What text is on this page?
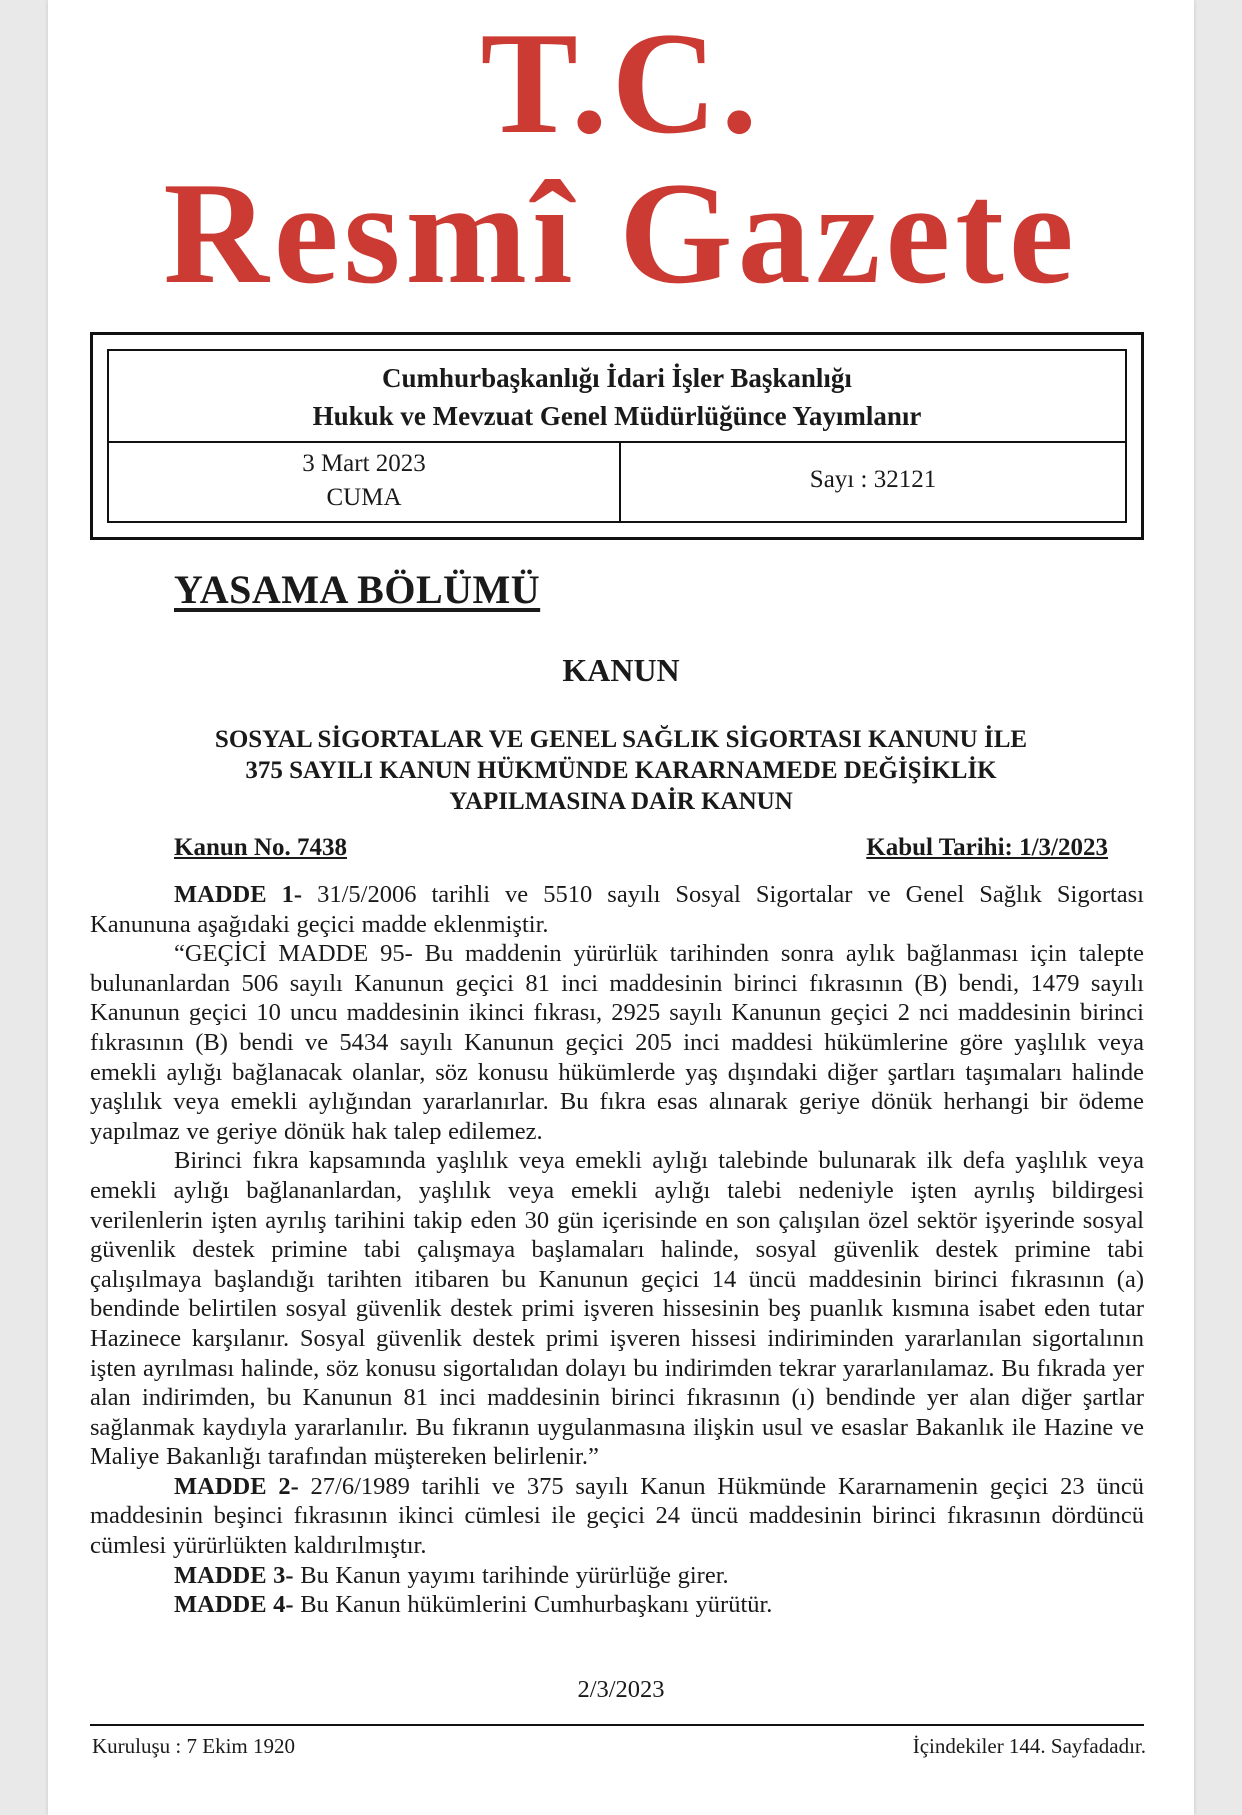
T.C.
Resmî Gazete
Cumhurbaşkanlığı İdari İşler Başkanlığı
Hukuk ve Mevzuat Genel Müdürlüğünce Yayımlanır
3 Mart 2023
CUMA
Sayı : 32121
YASAMA BÖLÜMÜ
KANUN
SOSYAL SİGORTALAR VE GENEL SAĞLIK SİGORTASI KANUNU İLE
375 SAYILI KANUN HÜKMÜNDE KARARNAMEDE DEĞİŞİKLİK
YAPILMASINA DAİR KANUN
Kanun No. 7438	Kabul Tarihi: 1/3/2023

MADDE 1- 31/5/2006 tarihli ve 5510 sayılı Sosyal Sigortalar ve Genel Sağlık Sigortası Kanununa aşağıdaki geçici madde eklenmiştir.

“GEÇİCİ MADDE 95- Bu maddenin yürürlük tarihinden sonra aylık bağlanması için talepte bulunanlardan 506 sayılı Kanunun geçici 81 inci maddesinin birinci fıkrasının (B) bendi, 1479 sayılı Kanunun geçici 10 uncu maddesinin ikinci fıkrası, 2925 sayılı Kanunun geçici 2 nci maddesinin birinci fıkrasının (B) bendi ve 5434 sayılı Kanunun geçici 205 inci maddesi hükümlerine göre yaşlılık veya emekli aylığı bağlanacak olanlar, söz konusu hükümlerde yaş dışındaki diğer şartları taşımaları halinde yaşlılık veya emekli aylığından yararlanırlar. Bu fıkra esas alınarak geriye dönük herhangi bir ödeme yapılmaz ve geriye dönük hak talep edilemez.

Birinci fıkra kapsamında yaşlılık veya emekli aylığı talebinde bulunarak ilk defa yaşlılık veya emekli aylığı bağlananlardan, yaşlılık veya emekli aylığı talebi nedeniyle işten ayrılış bildirgesi verilenlerin işten ayrılış tarihini takip eden 30 gün içerisinde en son çalışılan özel sektör işyerinde sosyal güvenlik destek primine tabi çalışmaya başlamaları halinde, sosyal güvenlik destek primine tabi çalışılmaya başlandığı tarihten itibaren bu Kanunun geçici 14 üncü maddesinin birinci fıkrasının (a) bendinde belirtilen sosyal güvenlik destek primi işveren hissesinin beş puanlık kısmına isabet eden tutar Hazinece karşılanır. Sosyal güvenlik destek primi işveren hissesi indiriminden yararlanılan sigortalının işten ayrılması halinde, söz konusu sigortalıdan dolayı bu indirimden tekrar yararlanılamaz. Bu fıkrada yer alan indirimden, bu Kanunun 81 inci maddesinin birinci fıkrasının (ı) bendinde yer alan diğer şartlar sağlanmak kaydıyla yararlanılır. Bu fıkranın uygulanmasına ilişkin usul ve esaslar Bakanlık ile Hazine ve Maliye Bakanlığı tarafından müştereken belirlenir.”

MADDE 2- 27/6/1989 tarihli ve 375 sayılı Kanun Hükmünde Kararnamenin geçici 23 üncü maddesinin beşinci fıkrasının ikinci cümlesi ile geçici 24 üncü maddesinin birinci fıkrasının dördüncü cümlesi yürürlükten kaldırılmıştır.

MADDE 3- Bu Kanun yayımı tarihinde yürürlüğe girer.

MADDE 4- Bu Kanun hükümlerini Cumhurbaşkanı yürütür.

2/3/2023
Kuruluşu : 7 Ekim 1920	İçindekiler 144. Sayfadadır.
